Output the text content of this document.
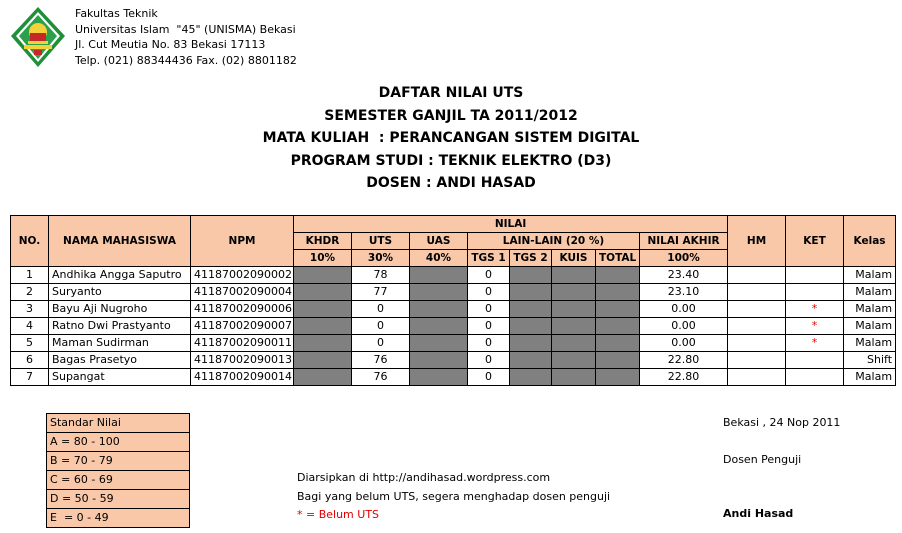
Fakultas Teknik
Universitas Islam  "45" (UNISMA) Bekasi
Jl. Cut Meutia No. 83 Bekasi 17113
Telp. (021) 88344436 Fax. (02) 8801182
DAFTAR NILAI UTS
SEMESTER GANJIL TA 2011/2012
MATA KULIAH  : PERANCANGAN SISTEM DIGITAL
PROGRAM STUDI : TEKNIK ELEKTRO (D3)
DOSEN : ANDI HASAD
NO.	NAMA MAHASISWA	NPM	NILAI								HM	KET	Kelas
			KHDR	UTS	UAS	LAIN-LAIN (20 %)				NILAI AKHIR			
			10%	30%	40%	TGS 1	TGS 2	KUIS	TOTAL	100%			
1	Andhika Angga Saputro	41187002090002		78		0				23.40			Malam
2	Suryanto	41187002090004		77		0				23.10			Malam
3	Bayu Aji Nugroho	41187002090006		0		0				0.00		*	Malam
4	Ratno Dwi Prastyanto	41187002090007		0		0				0.00		*	Malam
5	Maman Sudirman	41187002090011		0		0				0.00		*	Malam
6	Bagas Prasetyo	41187002090013		76		0				22.80			Shift
7	Supangat	41187002090014		76		0				22.80			Malam
Standar Nilai
A = 80 - 100
B = 70 - 79
C = 60 - 69
D = 50 - 59
E  = 0 - 49
Diarsipkan di http://andihasad.wordpress.com
Bagi yang belum UTS, segera menghadap dosen penguji
* = Belum UTS
Bekasi , 24 Nop 2011
Dosen Penguji
Andi Hasad
